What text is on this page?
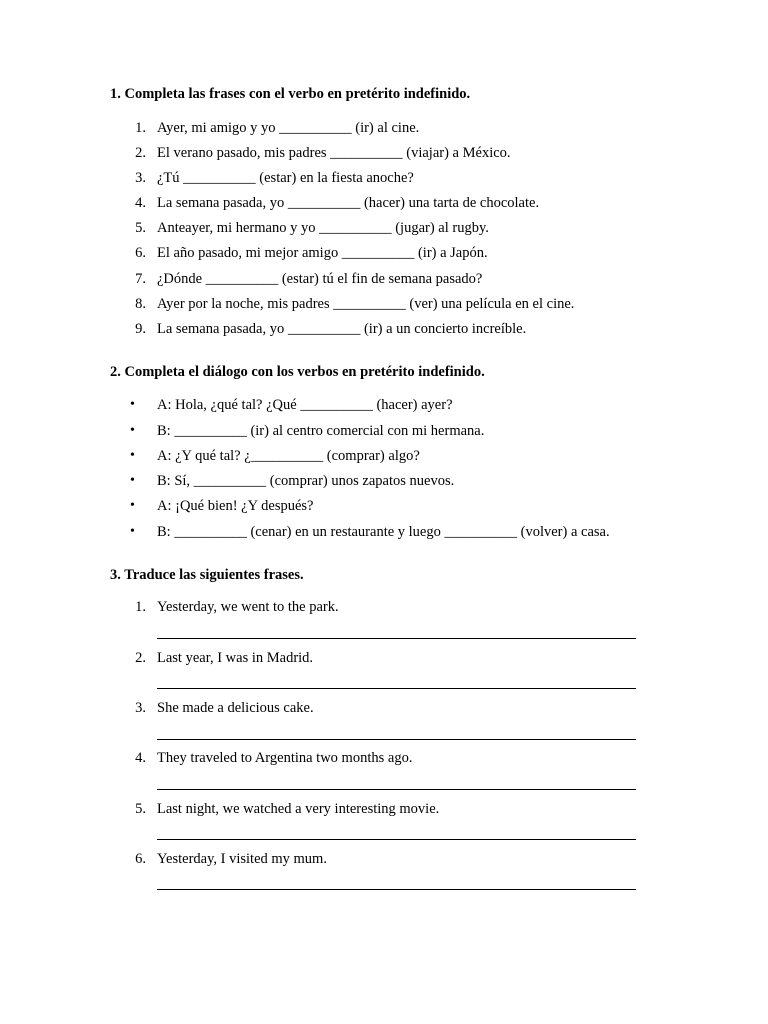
1. Completa las frases con el verbo en pretérito indefinido.
1. Ayer, mi amigo y yo __________ (ir) al cine.
2. El verano pasado, mis padres __________ (viajar) a México.
3. ¿Tú __________ (estar) en la fiesta anoche?
4. La semana pasada, yo __________ (hacer) una tarta de chocolate.
5. Anteayer, mi hermano y yo __________ (jugar) al rugby.
6. El año pasado, mi mejor amigo __________ (ir) a Japón.
7. ¿Dónde __________ (estar) tú el fin de semana pasado?
8. Ayer por la noche, mis padres __________ (ver) una película en el cine.
9. La semana pasada, yo __________ (ir) a un concierto increíble.
2. Completa el diálogo con los verbos en pretérito indefinido.
• A: Hola, ¿qué tal? ¿Qué __________ (hacer) ayer?
• B: __________ (ir) al centro comercial con mi hermana.
• A: ¿Y qué tal? ¿__________ (comprar) algo?
• B: Sí, __________ (comprar) unos zapatos nuevos.
• A: ¡Qué bien! ¿Y después?
• B: __________ (cenar) en un restaurante y luego __________ (volver) a casa.
3. Traduce las siguientes frases.
1. Yesterday, we went to the park.
2. Last year, I was in Madrid.
3. She made a delicious cake.
4. They traveled to Argentina two months ago.
5. Last night, we watched a very interesting movie.
6. Yesterday, I visited my mum.
